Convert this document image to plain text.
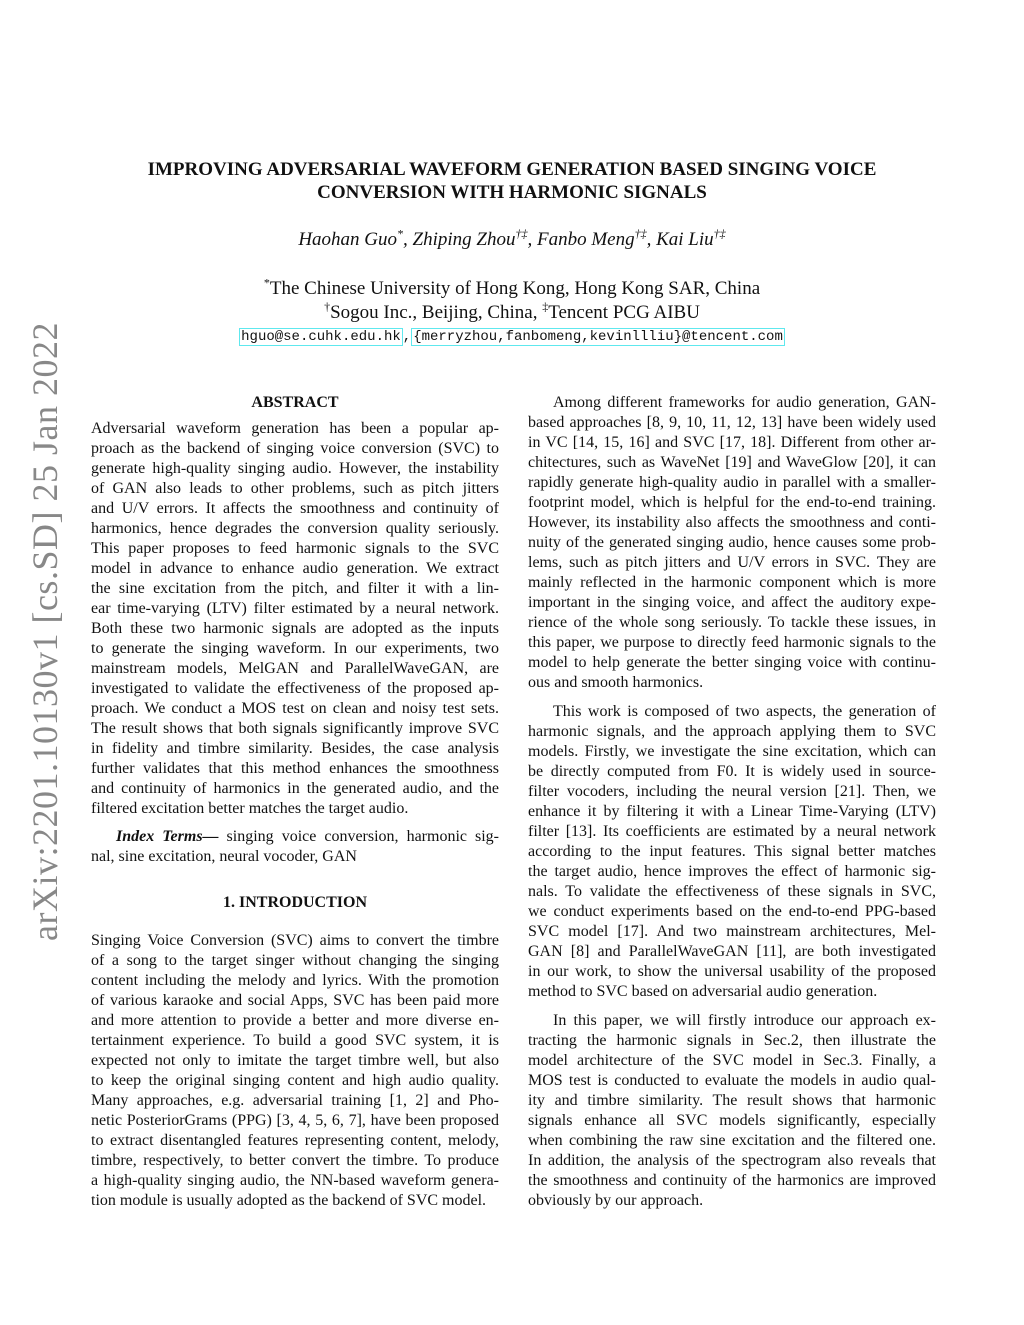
arXiv:2201.10130v1 [cs.SD] 25 Jan 2022
IMPROVING ADVERSARIAL WAVEFORM GENERATION BASED SINGING VOICE
CONVERSION WITH HARMONIC SIGNALS
Haohan Guo*, Zhiping Zhou†‡, Fanbo Meng†‡, Kai Liu†‡
*The Chinese University of Hong Kong, Hong Kong SAR, China
†Sogou Inc., Beijing, China, ‡Tencent PCG AIBU
hguo@se.cuhk.edu.hk , {merryzhou,fanbomeng,kevinllliu}@tencent.com
ABSTRACT
Adversarial waveform generation has been a popular ap-
proach as the backend of singing voice conversion (SVC) to
generate high-quality singing audio. However, the instability
of GAN also leads to other problems, such as pitch jitters
and U/V errors. It affects the smoothness and continuity of
harmonics, hence degrades the conversion quality seriously.
This paper proposes to feed harmonic signals to the SVC
model in advance to enhance audio generation. We extract
the sine excitation from the pitch, and filter it with a lin-
ear time-varying (LTV) filter estimated by a neural network.
Both these two harmonic signals are adopted as the inputs
to generate the singing waveform. In our experiments, two
mainstream models, MelGAN and ParallelWaveGAN, are
investigated to validate the effectiveness of the proposed ap-
proach. We conduct a MOS test on clean and noisy test sets.
The result shows that both signals significantly improve SVC
in fidelity and timbre similarity. Besides, the case analysis
further validates that this method enhances the smoothness
and continuity of harmonics in the generated audio, and the
filtered excitation better matches the target audio.
Index Terms— singing voice conversion, harmonic sig-
nal, sine excitation, neural vocoder, GAN
1. INTRODUCTION
Singing Voice Conversion (SVC) aims to convert the timbre
of a song to the target singer without changing the singing
content including the melody and lyrics. With the promotion
of various karaoke and social Apps, SVC has been paid more
and more attention to provide a better and more diverse en-
tertainment experience. To build a good SVC system, it is
expected not only to imitate the target timbre well, but also
to keep the original singing content and high audio quality.
Many approaches, e.g. adversarial training [1, 2] and Pho-
netic PosteriorGrams (PPG) [3, 4, 5, 6, 7], have been proposed
to extract disentangled features representing content, melody,
timbre, respectively, to better convert the timbre. To produce
a high-quality singing audio, the NN-based waveform genera-
tion module is usually adopted as the backend of SVC model.
Among different frameworks for audio generation, GAN-
based approaches [8, 9, 10, 11, 12, 13] have been widely used
in VC [14, 15, 16] and SVC [17, 18]. Different from other ar-
chitectures, such as WaveNet [19] and WaveGlow [20], it can
rapidly generate high-quality audio in parallel with a smaller-
footprint model, which is helpful for the end-to-end training.
However, its instability also affects the smoothness and conti-
nuity of the generated singing audio, hence causes some prob-
lems, such as pitch jitters and U/V errors in SVC. They are
mainly reflected in the harmonic component which is more
important in the singing voice, and affect the auditory expe-
rience of the whole song seriously. To tackle these issues, in
this paper, we purpose to directly feed harmonic signals to the
model to help generate the better singing voice with continu-
ous and smooth harmonics.
This work is composed of two aspects, the generation of
harmonic signals, and the approach applying them to SVC
models. Firstly, we investigate the sine excitation, which can
be directly computed from F0. It is widely used in source-
filter vocoders, including the neural version [21]. Then, we
enhance it by filtering it with a Linear Time-Varying (LTV)
filter [13]. Its coefficients are estimated by a neural network
according to the input features. This signal better matches
the target audio, hence improves the effect of harmonic sig-
nals. To validate the effectiveness of these signals in SVC,
we conduct experiments based on the end-to-end PPG-based
SVC model [17]. And two mainstream architectures, Mel-
GAN [8] and ParallelWaveGAN [11], are both investigated
in our work, to show the universal usability of the proposed
method to SVC based on adversarial audio generation.
In this paper, we will firstly introduce our approach ex-
tracting the harmonic signals in Sec.2, then illustrate the
model architecture of the SVC model in Sec.3. Finally, a
MOS test is conducted to evaluate the models in audio qual-
ity and timbre similarity. The result shows that harmonic
signals enhance all SVC models significantly, especially
when combining the raw sine excitation and the filtered one.
In addition, the analysis of the spectrogram also reveals that
the smoothness and continuity of the harmonics are improved
obviously by our approach.
